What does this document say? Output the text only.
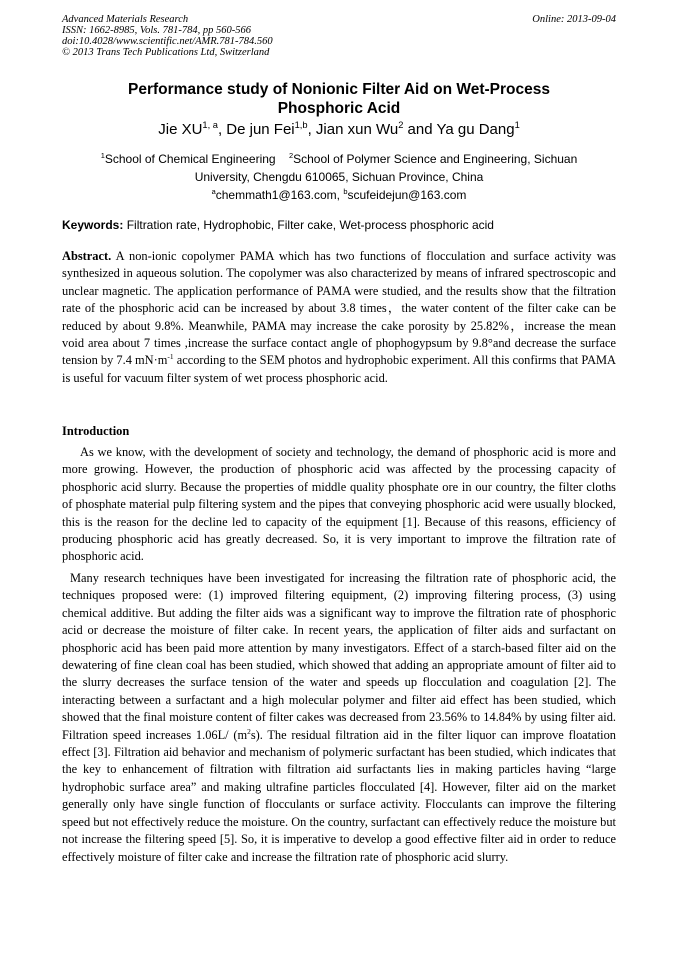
Advanced Materials Research
ISSN: 1662-8985, Vols. 781-784, pp 560-566
doi:10.4028/www.scientific.net/AMR.781-784.560
© 2013 Trans Tech Publications Ltd, Switzerland
Online: 2013-09-04
Performance study of Nonionic Filter Aid on Wet-Process
Phosphoric Acid
Jie XU$^{1, a}$, De jun Fei$^{1,b}$, Jian xun Wu$^2$ and Ya gu Dang$^1$
$^1$School of Chemical Engineering $^2$School of Polymer Science and Engineering, Sichuan
University, Chengdu 610065, Sichuan Province, China
$^a$chemmath1@163.com, $^b$scufeidejun@163.com
Keywords: Filtration rate, Hydrophobic, Filter cake, Wet-process phosphoric acid
Abstract. A non-ionic copolymer PAMA which has two functions of flocculation and surface activity was synthesized in aqueous solution. The copolymer was also characterized by means of infrared spectroscopic and unclear magnetic. The application performance of PAMA were studied, and the results show that the filtration rate of the phosphoric acid can be increased by about 3.8 times，the water content of the filter cake can be reduced by about 9.8%. Meanwhile, PAMA may increase the cake porosity by 25.82%，increase the mean void area about 7 times ,increase the surface contact angle of phophogypsum by 9.8°and decrease the surface tension by 7.4 $mN\cdot m^{-1}$ according to the SEM photos and hydrophobic experiment. All this confirms that PAMA is useful for vacuum filter system of wet process phosphoric acid.
Introduction
As we know, with the development of society and technology, the demand of phosphoric acid is more and more growing. However, the production of phosphoric acid was affected by the processing capacity of phosphoric acid slurry. Because the properties of middle quality phosphate ore in our country, the filter cloths of phosphate material pulp filtering system and the pipes that conveying phosphoric acid were usually blocked, this is the reason for the decline led to capacity of the equipment [1]. Because of this reasons, efficiency of producing phosphoric acid has greatly decreased. So, it is very important to improve the filtration rate of phosphoric acid.
Many research techniques have been investigated for increasing the filtration rate of phosphoric acid, the techniques proposed were: (1) improved filtering equipment, (2) improving filtering process, (3) using chemical additive. But adding the filter aids was a significant way to improve the filtration rate of phosphoric acid or decrease the moisture of filter cake. In recent years, the application of filter aids and surfactant on phosphoric acid has been paid more attention by many investigators. Effect of a starch-based filter aid on the dewatering of fine clean coal has been studied, which showed that adding an appropriate amount of filter aid to the slurry decreases the surface tension of the water and speeds up flocculation and coagulation [2]. The interacting between a surfactant and a high molecular polymer and filter aid effect has been studied, which showed that the final moisture content of filter cakes was decreased from 23.56% to 14.84% by using filter aid. Filtration speed increases 1.06L/ $(m^2s)$. The residual filtration aid in the filter liquor can improve floatation effect [3]. Filtration aid behavior and mechanism of polymeric surfactant has been studied, which indicates that the key to enhancement of filtration with filtration aid surfactants lies in making particles having “large hydrophobic surface area” and making ultrafine particles flocculated [4]. However, filter aid on the market generally only have single function of flocculants or surface activity. Flocculants can improve the filtering speed but not effectively reduce the moisture. On the country, surfactant can effectively reduce the moisture but not increase the filtering speed [5]. So, it is imperative to develop a good effective filter aid in order to reduce effectively moisture of filter cake and increase the filtration rate of phosphoric acid slurry.
